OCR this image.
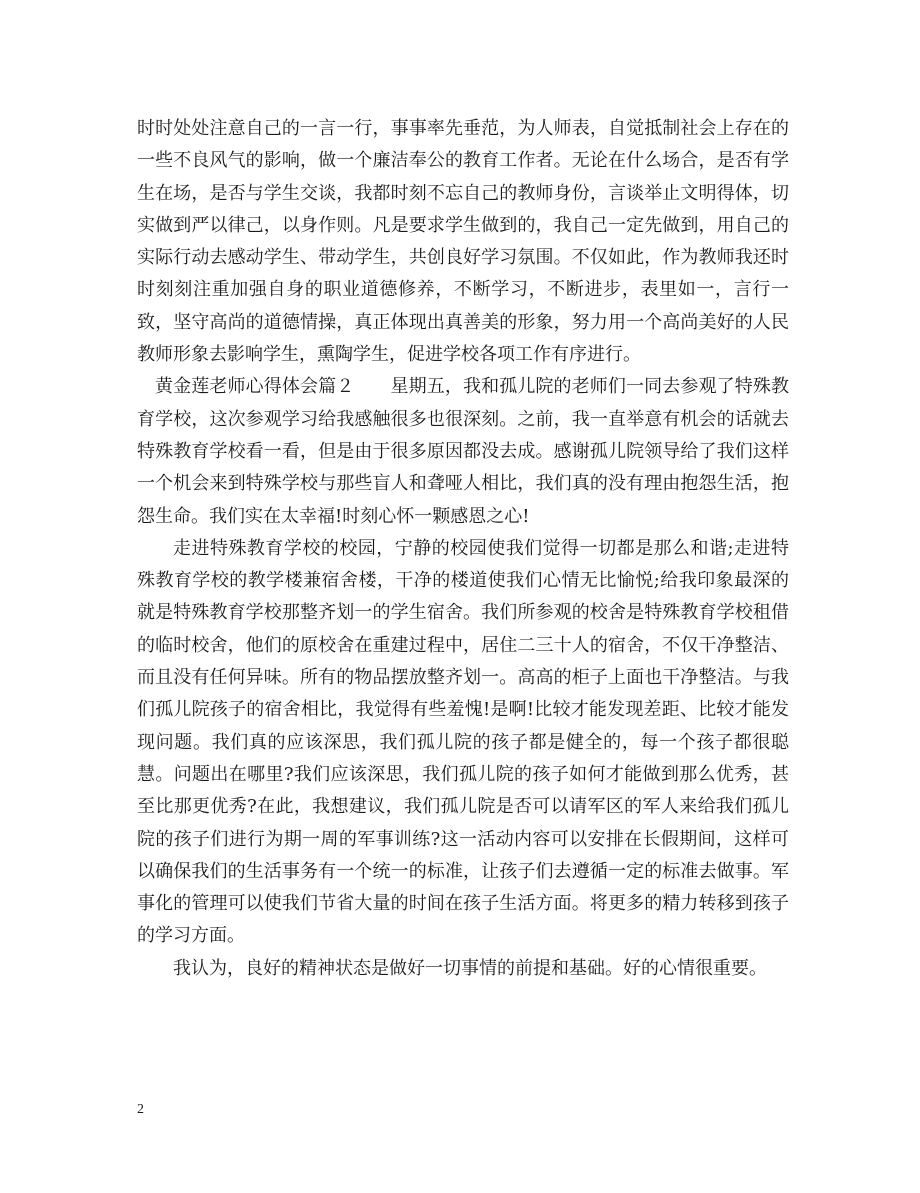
时时处处注意自己的一言一行，事事率先垂范，为人师表，自觉抵制社会上存在的一些不良风气的影响，做一个廉洁奉公的教育工作者。无论在什么场合，是否有学生在场，是否与学生交谈，我都时刻不忘自己的教师身份，言谈举止文明得体，切实做到严以律己，以身作则。凡是要求学生做到的，我自己一定先做到，用自己的实际行动去感动学生、带动学生，共创良好学习氛围。不仅如此，作为教师我还时时刻刻注重加强自身的职业道德修养，不断学习，不断进步，表里如一，言行一致，坚守高尚的道德情操，真正体现出真善美的形象，努力用一个高尚美好的人民教师形象去影响学生，熏陶学生，促进学校各项工作有序进行。

黄金莲老师心得体会篇２ 星期五，我和孤儿院的老师们一同去参观了特殊教育学校，这次参观学习给我感触很多也很深刻。之前，我一直举意有机会的话就去特殊教育学校看一看，但是由于很多原因都没去成。感谢孤儿院领导给了我们这样一个机会来到特殊学校与那些盲人和聋哑人相比，我们真的没有理由抱怨生活，抱怨生命。我们实在太幸福!时刻心怀一颗感恩之心!

走进特殊教育学校的校园，宁静的校园使我们觉得一切都是那么和谐;走进特殊教育学校的教学楼兼宿舍楼，干净的楼道使我们心情无比愉悦;给我印象最深的就是特殊教育学校那整齐划一的学生宿舍。我们所参观的校舍是特殊教育学校租借的临时校舍，他们的原校舍在重建过程中，居住二三十人的宿舍，不仅干净整洁、而且没有任何异味。所有的物品摆放整齐划一。高高的柜子上面也干净整洁。与我们孤儿院孩子的宿舍相比，我觉得有些羞愧!是啊!比较才能发现差距、比较才能发现问题。我们真的应该深思，我们孤儿院的孩子都是健全的，每一个孩子都很聪慧。问题出在哪里?我们应该深思，我们孤儿院的孩子如何才能做到那么优秀，甚至比那更优秀?在此，我想建议，我们孤儿院是否可以请军区的军人来给我们孤儿院的孩子们进行为期一周的军事训练?这一活动内容可以安排在长假期间，这样可以确保我们的生活事务有一个统一的标准，让孩子们去遵循一定的标准去做事。军事化的管理可以使我们节省大量的时间在孩子生活方面。将更多的精力转移到孩子的学习方面。

我认为，良好的精神状态是做好一切事情的前提和基础。好的心情很重要。

2
